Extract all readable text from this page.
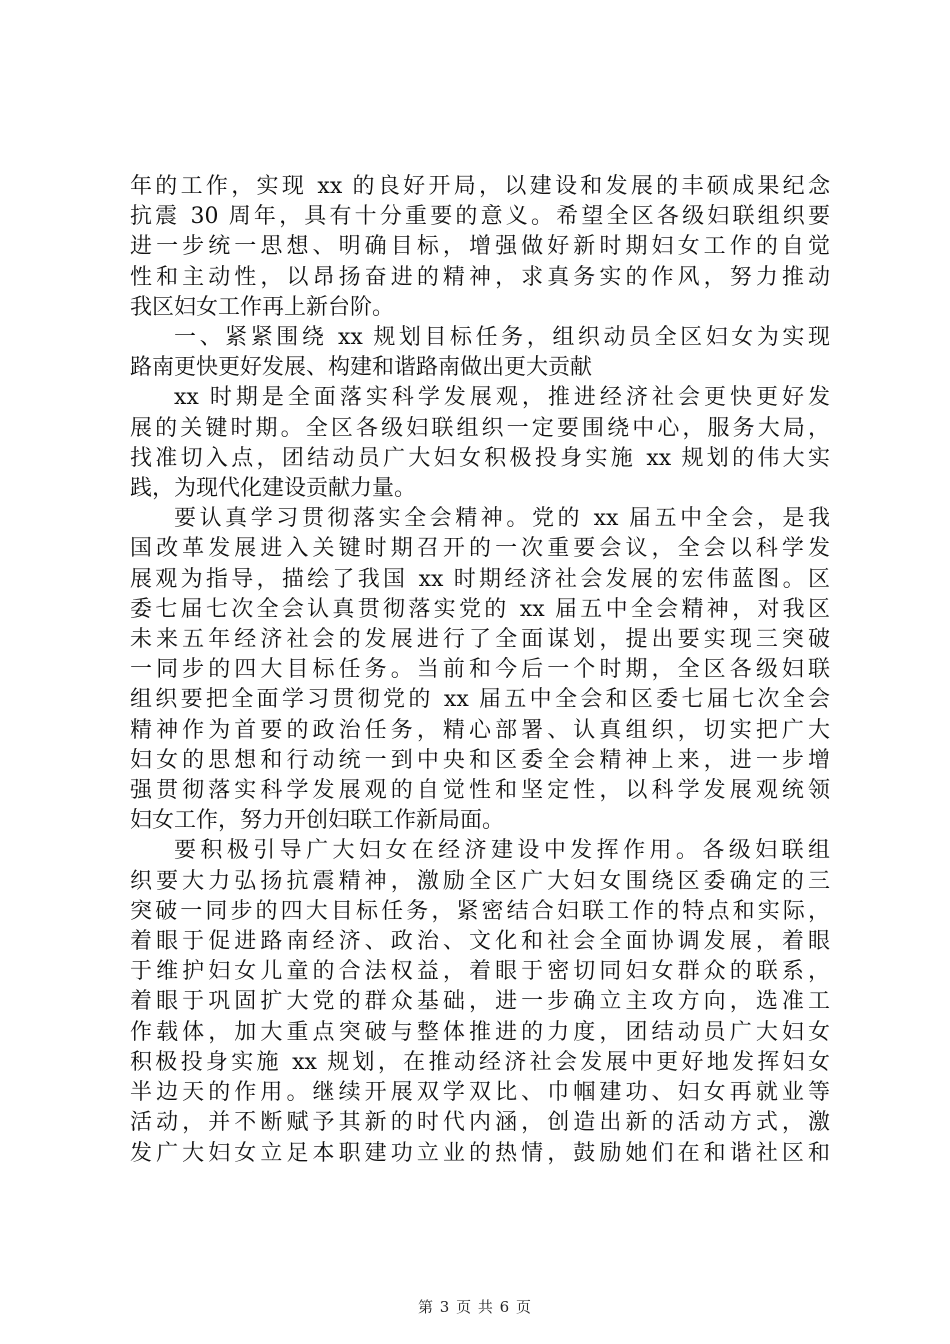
年的工作，实现 xx 的良好开局，以建设和发展的丰硕成果纪念
抗震 30 周年，具有十分重要的意义。希望全区各级妇联组织要
进一步统一思想、明确目标，增强做好新时期妇女工作的自觉
性和主动性，以昂扬奋进的精神，求真务实的作风，努力推动
我区妇女工作再上新台阶。
一、紧紧围绕 xx 规划目标任务，组织动员全区妇女为实现
路南更快更好发展、构建和谐路南做出更大贡献
xx 时期是全面落实科学发展观，推进经济社会更快更好发
展的关键时期。全区各级妇联组织一定要围绕中心，服务大局，
找准切入点，团结动员广大妇女积极投身实施 xx 规划的伟大实
践，为现代化建设贡献力量。
要认真学习贯彻落实全会精神。党的 xx 届五中全会，是我
国改革发展进入关键时期召开的一次重要会议，全会以科学发
展观为指导，描绘了我国 xx 时期经济社会发展的宏伟蓝图。区
委七届七次全会认真贯彻落实党的 xx 届五中全会精神，对我区
未来五年经济社会的发展进行了全面谋划，提出要实现三突破
一同步的四大目标任务。当前和今后一个时期，全区各级妇联
组织要把全面学习贯彻党的 xx 届五中全会和区委七届七次全会
精神作为首要的政治任务，精心部署、认真组织，切实把广大
妇女的思想和行动统一到中央和区委全会精神上来，进一步增
强贯彻落实科学发展观的自觉性和坚定性，以科学发展观统领
妇女工作，努力开创妇联工作新局面。
要积极引导广大妇女在经济建设中发挥作用。各级妇联组
织要大力弘扬抗震精神，激励全区广大妇女围绕区委确定的三
突破一同步的四大目标任务，紧密结合妇联工作的特点和实际，
着眼于促进路南经济、政治、文化和社会全面协调发展，着眼
于维护妇女儿童的合法权益，着眼于密切同妇女群众的联系，
着眼于巩固扩大党的群众基础，进一步确立主攻方向，选准工
作载体，加大重点突破与整体推进的力度，团结动员广大妇女
积极投身实施 xx 规划，在推动经济社会发展中更好地发挥妇女
半边天的作用。继续开展双学双比、巾帼建功、妇女再就业等
活动，并不断赋予其新的时代内涵，创造出新的活动方式，激
发广大妇女立足本职建功立业的热情，鼓励她们在和谐社区和
第 3 页 共 6 页
